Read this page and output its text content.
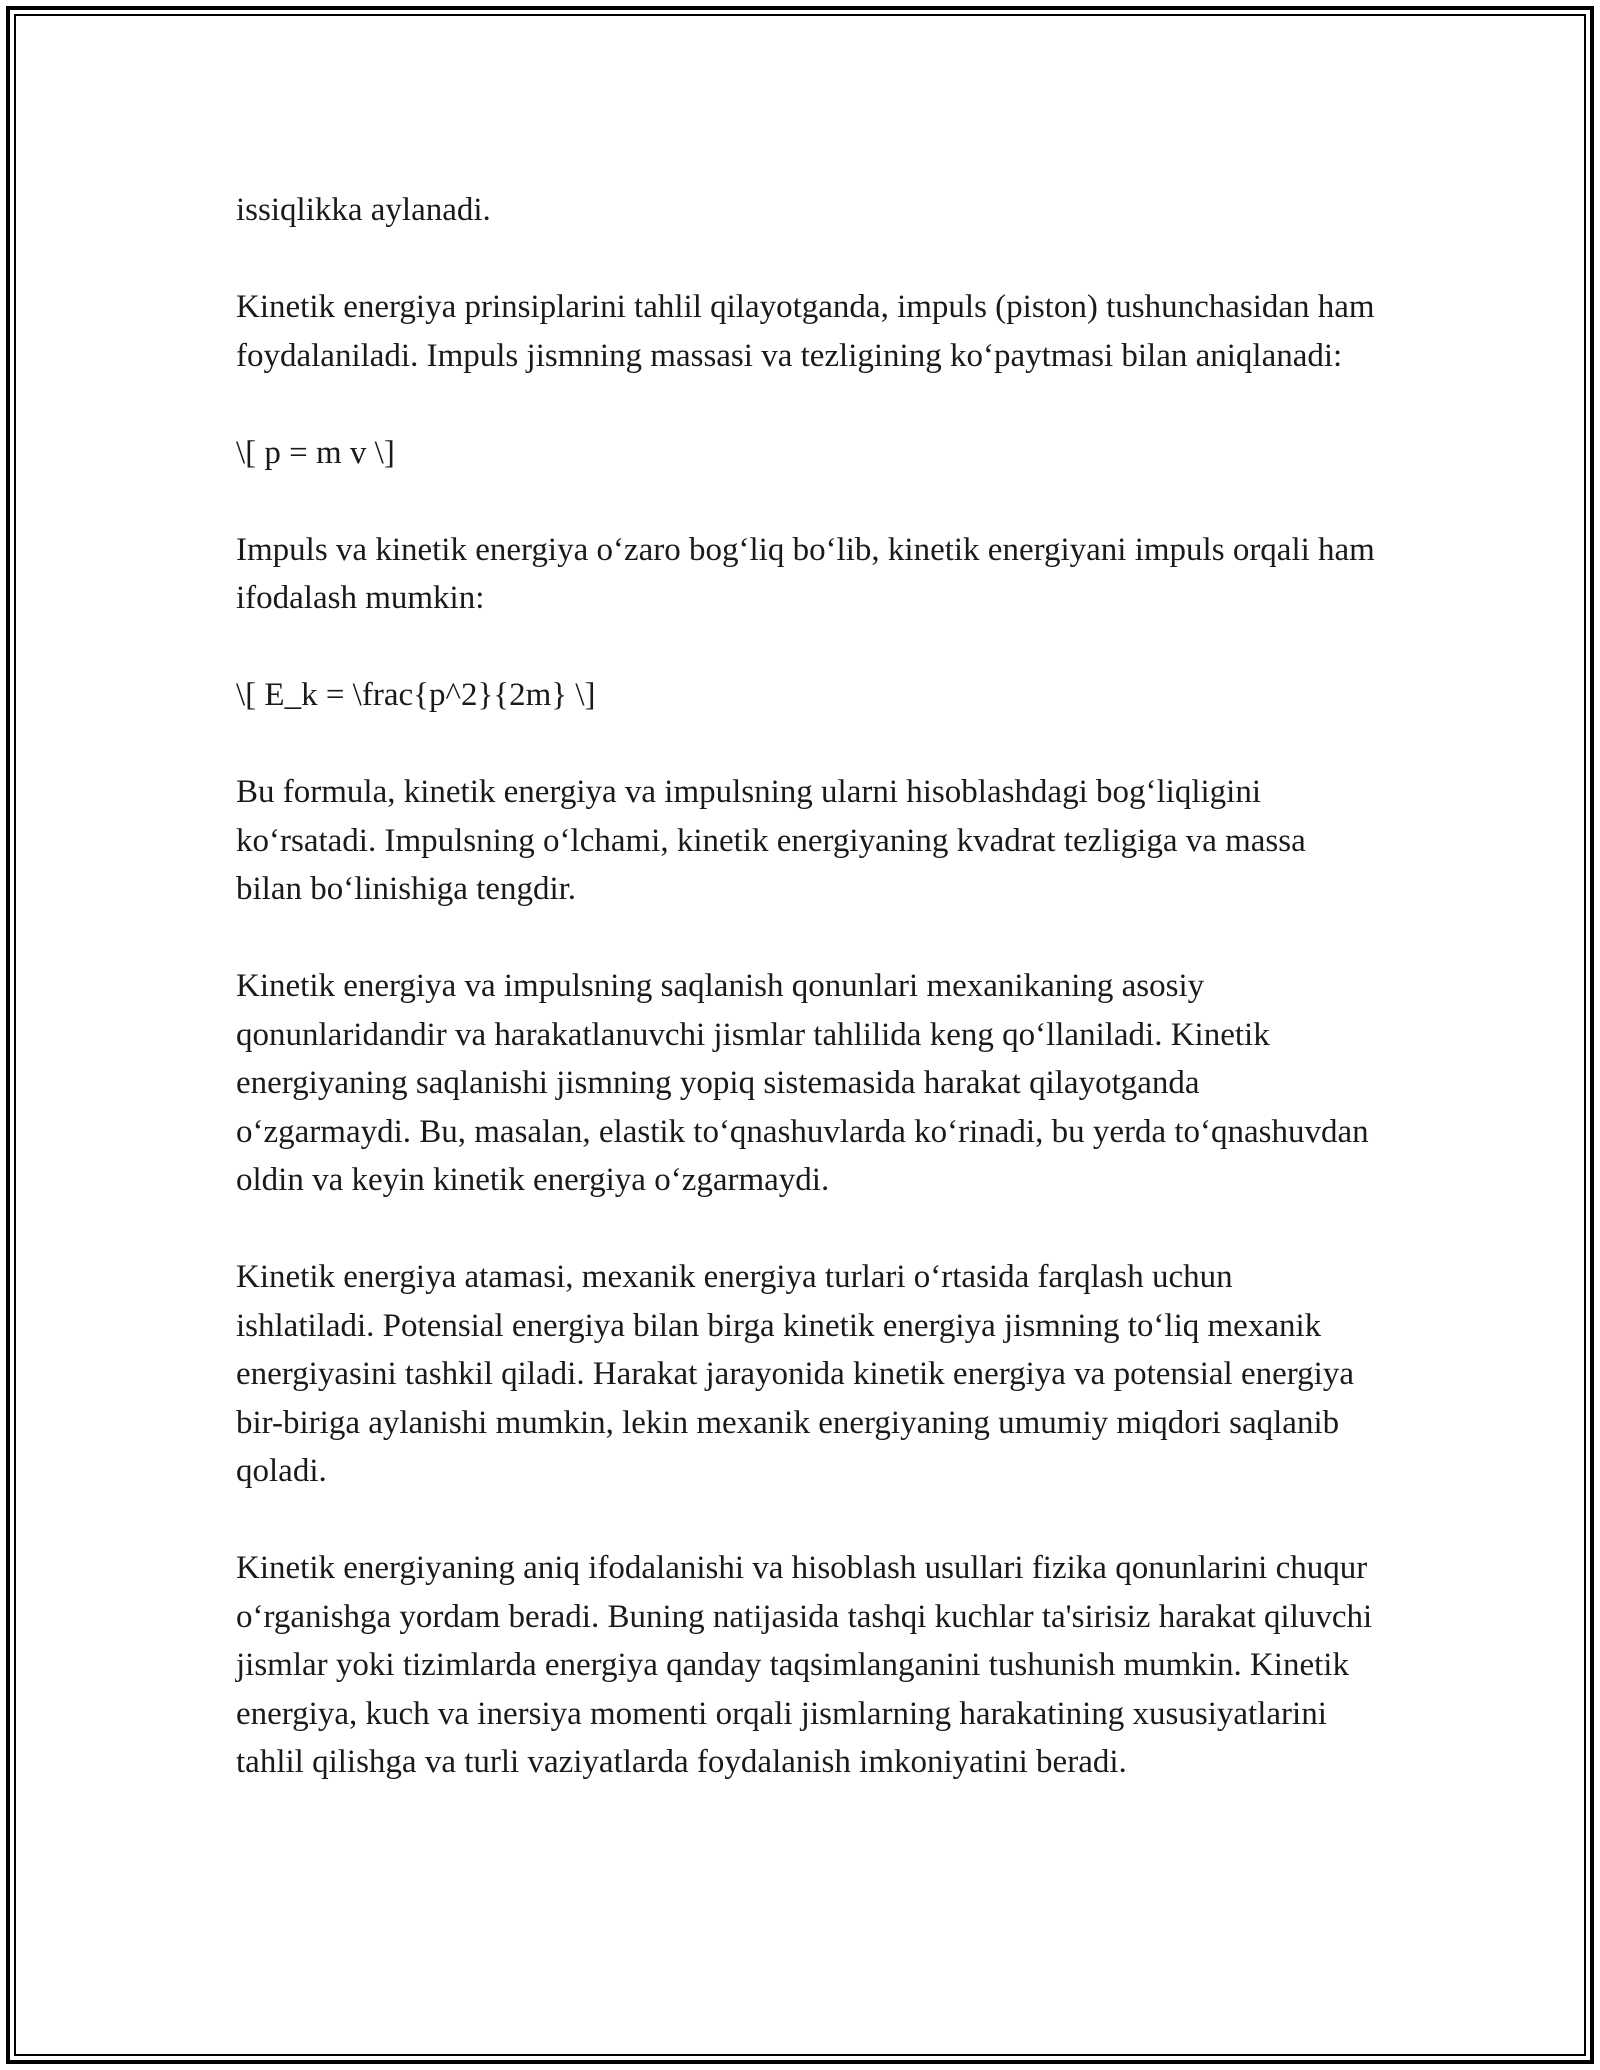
issiqlikka aylanadi.

Kinetik energiya prinsiplarini tahlil qilayotganda, impuls (piston) tushunchasidan ham foydalaniladi. Impuls jismning massasi va tezligining ko‘paytmasi bilan aniqlanadi:

\[ p = m v \]

Impuls va kinetik energiya o‘zaro bog‘liq bo‘lib, kinetik energiyani impuls orqali ham ifodalash mumkin:

\[ E_k = \frac{p^2}{2m} \]

Bu formula, kinetik energiya va impulsning ularni hisoblashdagi bog‘liqligini ko‘rsatadi. Impulsning o‘lchami, kinetik energiyaning kvadrat tezligiga va massa bilan bo‘linishiga tengdir.

Kinetik energiya va impulsning saqlanish qonunlari mexanikaning asosiy qonunlaridandir va harakatlanuvchi jismlar tahlilida keng qo‘llaniladi. Kinetik energiyaning saqlanishi jismning yopiq sistemasida harakat qilayotganda o‘zgarmaydi. Bu, masalan, elastik to‘qnashuvlarda ko‘rinadi, bu yerda to‘qnashuvdan oldin va keyin kinetik energiya o‘zgarmaydi.

Kinetik energiya atamasi, mexanik energiya turlari o‘rtasida farqlash uchun ishlatiladi. Potensial energiya bilan birga kinetik energiya jismning to‘liq mexanik energiyasini tashkil qiladi. Harakat jarayonida kinetik energiya va potensial energiya bir-biriga aylanishi mumkin, lekin mexanik energiyaning umumiy miqdori saqlanib qoladi.

Kinetik energiyaning aniq ifodalanishi va hisoblash usullari fizika qonunlarini chuqur o‘rganishga yordam beradi. Buning natijasida tashqi kuchlar ta'sirisiz harakat qiluvchi jismlar yoki tizimlarda energiya qanday taqsimlanganini tushunish mumkin. Kinetik energiya, kuch va inersiya momenti orqali jismlarning harakatining xususiyatlarini tahlil qilishga va turli vaziyatlarda foydalanish imkoniyatini beradi.
